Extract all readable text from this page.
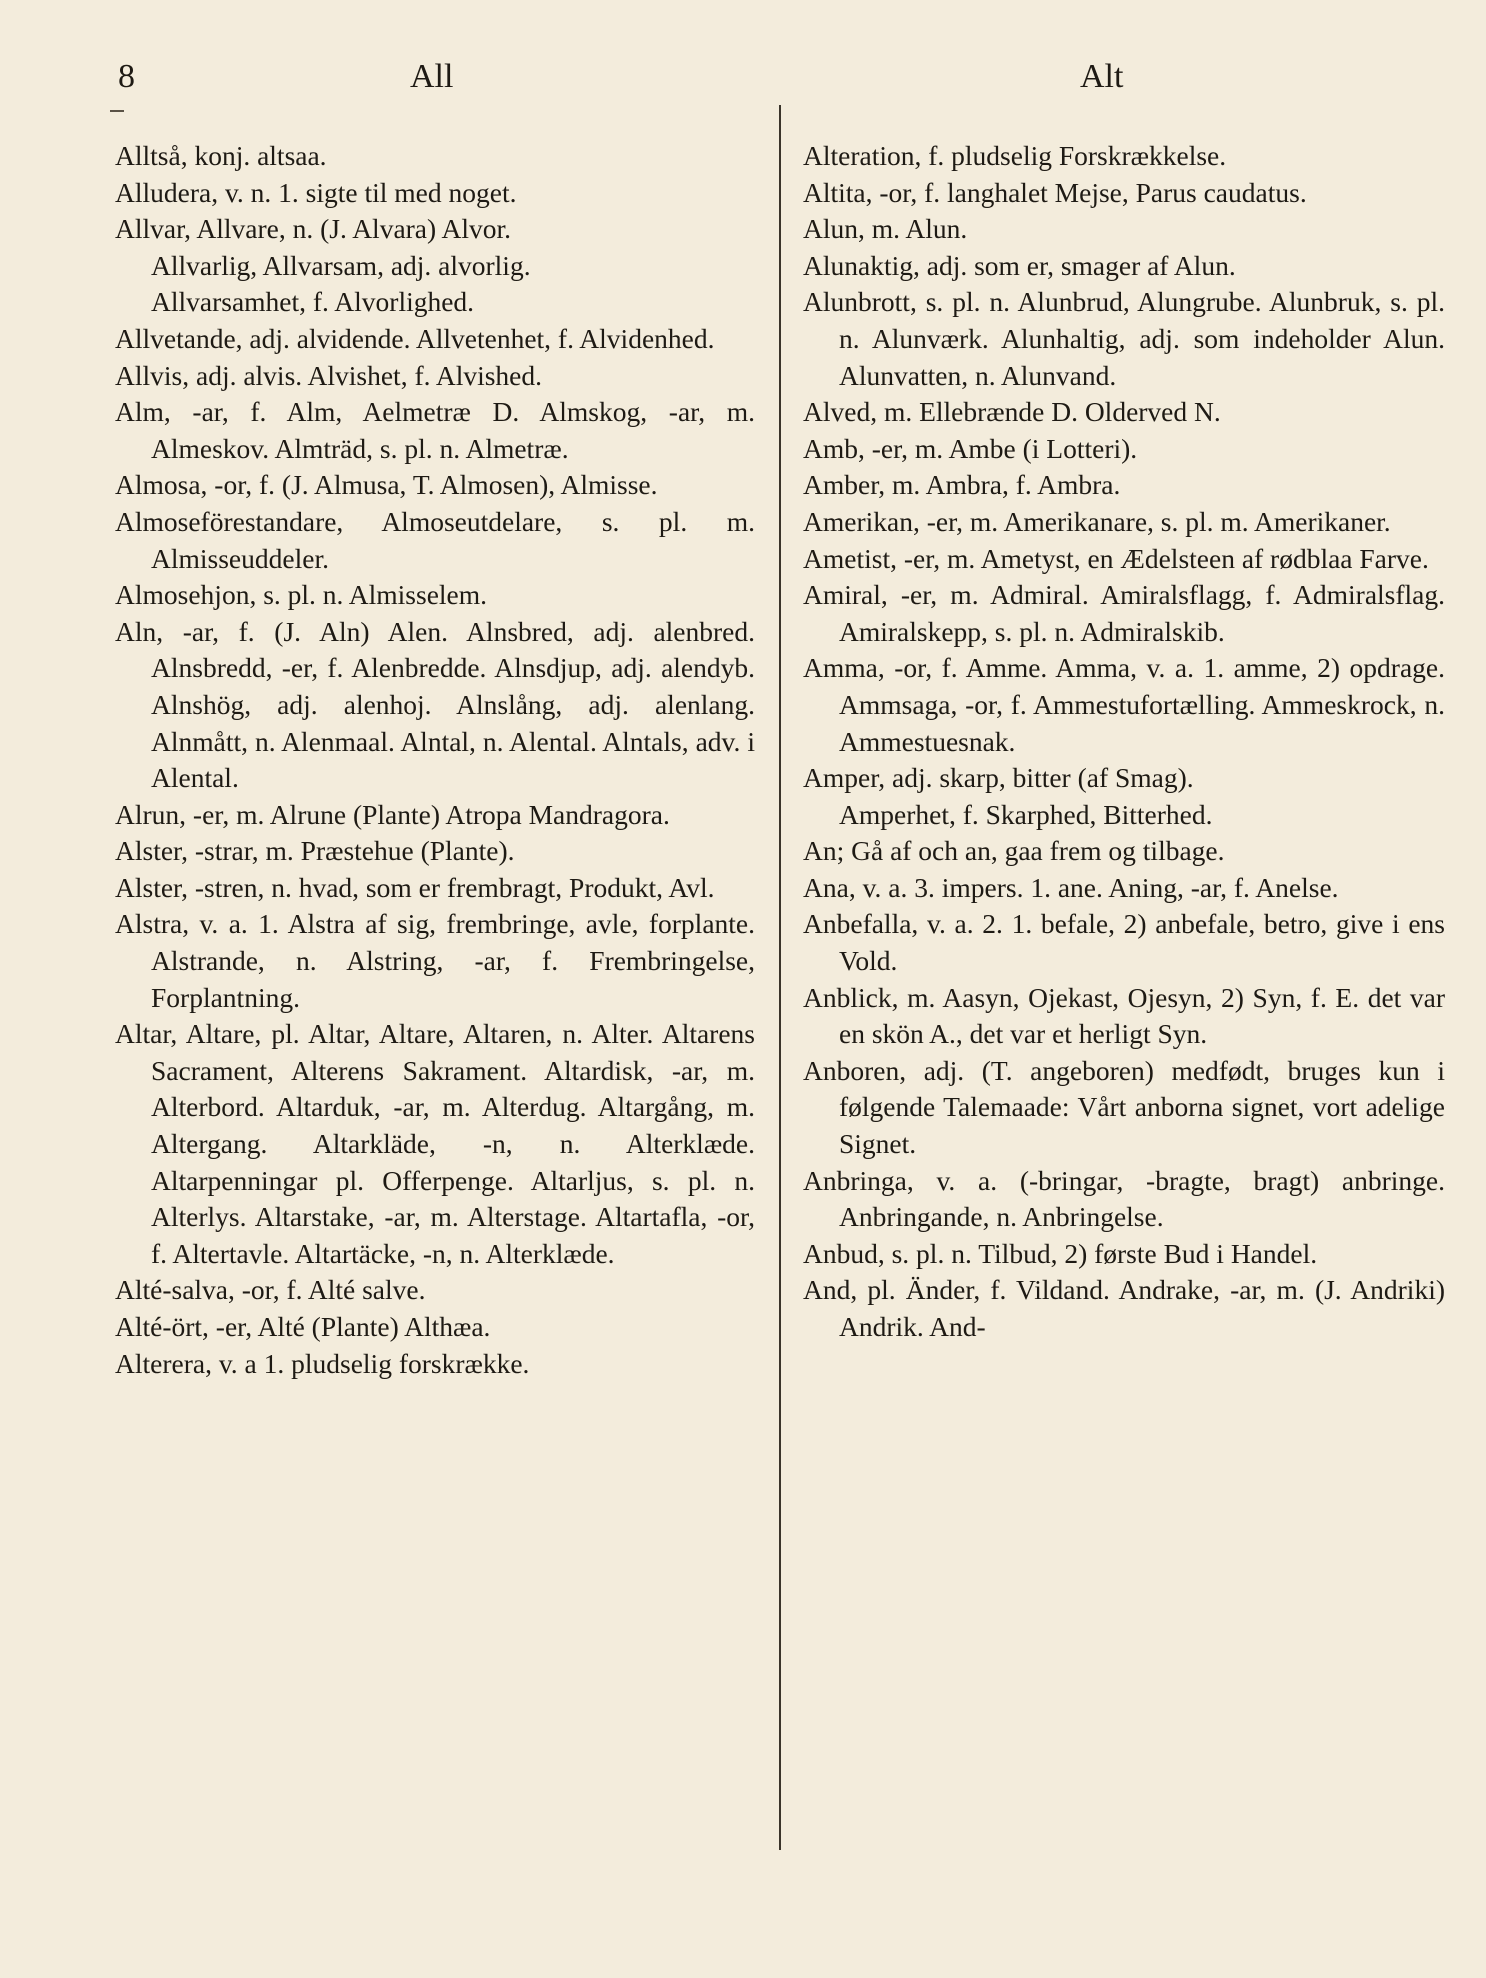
8	All	Alt

Alltså, konj. altsaa.

Alludera, v. n. 1. sigte til med noget.

Allvar, Allvare, n. (J. Alvara) Alvor.

Allvarlig, Allvarsam, adj. alvorlig.

Allvarsamhet, f. Alvorlighed.

Allvetande, adj. alvidende. Allvetenhet, f. Alvidenhed.

Allvis, adj. alvis. Alvishet, f. Alvished.

Alm, -ar, f. Alm, Aelmetræ D. Almskog, -ar, m. Almeskov. Almträd, s. pl. n. Almetræ.

Almosa, -or, f. (J. Almusa, T. Almosen), Almisse.

Almoseförestandare, Almoseutdelare, s. pl. m. Almisseuddeler.

Almosehjon, s. pl. n. Almisselem.

Aln, -ar, f. (J. Aln) Alen. Alnsbred, adj. alenbred. Alnsbredd, -er, f. Alenbredde. Alnsdjup, adj. alendyb. Alnshög, adj. alenhoj. Alnslång, adj. alenlang. Alnmått, n. Alenmaal. Alntal, n. Alental. Alntals, adv. i Alental.

Alrun, -er, m. Alrune (Plante) Atropa Mandragora.

Alster, -strar, m. Præstehue (Plante).

Alster, -stren, n. hvad, som er frembragt, Produkt, Avl.

Alstra, v. a. 1. Alstra af sig, frembringe, avle, forplante. Alstrande, n. Alstring, -ar, f. Frembringelse, Forplantning.

Altar, Altare, pl. Altar, Altare, Altaren, n. Alter. Altarens Sacrament, Alterens Sakrament. Altardisk, -ar, m. Alterbord. Altarduk, -ar, m. Alterdug. Altargång, m. Altergang. Altarkläde, -n, n. Alterklæde. Altarpenningar pl. Offerpenge. Altarljus, s. pl. n. Alterlys. Altarstake, -ar, m. Alterstage. Altartafla, -or, f. Altertavle. Altartäcke, -n, n. Alterklæde.

Alté-salva, -or, f. Alté salve.

Alté-ört, -er, Alté (Plante) Althæa.

Alterera, v. a 1. pludselig forskrække.

Alteration, f. pludselig Forskrækkelse.

Altita, -or, f. langhalet Mejse, Parus caudatus.

Alun, m. Alun.

Alunaktig, adj. som er, smager af Alun.

Alunbrott, s. pl. n. Alunbrud, Alungrube. Alunbruk, s. pl. n. Alunværk. Alunhaltig, adj. som indeholder Alun. Alunvatten, n. Alunvand.

Alved, m. Ellebrænde D. Olderved N.

Amb, -er, m. Ambe (i Lotteri).

Amber, m. Ambra, f. Ambra.

Amerikan, -er, m. Amerikanare, s. pl. m. Amerikaner.

Ametist, -er, m. Ametyst, en Ædelsteen af rødblaa Farve.

Amiral, -er, m. Admiral. Amiralsflagg, f. Admiralsflag. Amiralskepp, s. pl. n. Admiralskib.

Amma, -or, f. Amme. Amma, v. a. 1. amme, 2) opdrage. Ammsaga, -or, f. Ammestufortælling. Ammeskrock, n. Ammestuesnak.

Amper, adj. skarp, bitter (af Smag).

Amperhet, f. Skarphed, Bitterhed.

An; Gå af och an, gaa frem og tilbage.

Ana, v. a. 3. impers. 1. ane. Aning, -ar, f. Anelse.

Anbefalla, v. a. 2. 1. befale, 2) anbefale, betro, give i ens Vold.

Anblick, m. Aasyn, Ojekast, Ojesyn, 2) Syn, f. E. det var en skön A., det var et herligt Syn.

Anboren, adj. (T. angeboren) medfødt, bruges kun i følgende Talemaade: Vårt anborna signet, vort adelige Signet.

Anbringa, v. a. (-bringar, -bragte, bragt) anbringe. Anbringande, n. Anbringelse.

Anbud, s. pl. n. Tilbud, 2) første Bud i Handel.

And, pl. Änder, f. Vildand. Andrake, -ar, m. (J. Andriki) Andrik. And-
